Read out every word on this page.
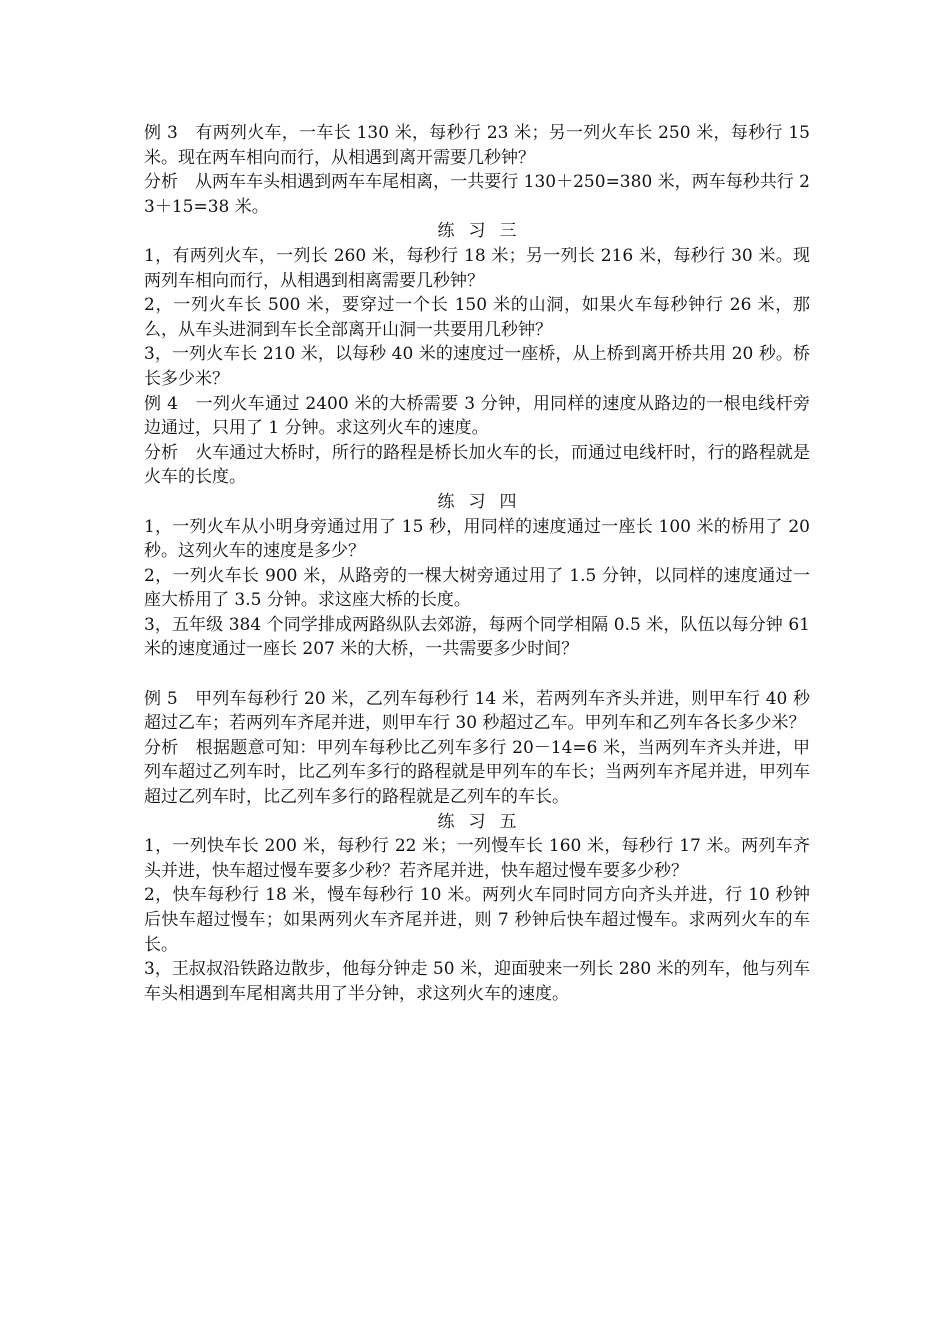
例 3　有两列火车，一车长 130 米，每秒行 23 米；另一列火车长 250 米，每秒行 15 米。现在两车相向而行，从相遇到离开需要几秒钟？

分析　从两车车头相遇到两车车尾相离，一共要行 130＋250=380 米，两车每秒共行 23＋15=38 米。

练习三

1，有两列火车，一列长 260 米，每秒行 18 米；另一列长 216 米，每秒行 30 米。现两列车相向而行，从相遇到相离需要几秒钟？

2，一列火车长 500 米，要穿过一个长 150 米的山洞，如果火车每秒钟行 26 米，那么，从车头进洞到车长全部离开山洞一共要用几秒钟？

3，一列火车长 210 米，以每秒 40 米的速度过一座桥，从上桥到离开桥共用 20 秒。桥长多少米？

例 4　一列火车通过 2400 米的大桥需要 3 分钟，用同样的速度从路边的一根电线杆旁边通过，只用了 1 分钟。求这列火车的速度。

分析　火车通过大桥时，所行的路程是桥长加火车的长，而通过电线杆时，行的路程就是火车的长度。

练习四

1，一列火车从小明身旁通过用了 15 秒，用同样的速度通过一座长 100 米的桥用了 20 秒。这列火车的速度是多少？

2，一列火车长 900 米，从路旁的一棵大树旁通过用了 1.5 分钟，以同样的速度通过一座大桥用了 3.5 分钟。求这座大桥的长度。

3，五年级 384 个同学排成两路纵队去郊游，每两个同学相隔 0.5 米，队伍以每分钟 61 米的速度通过一座长 207 米的大桥，一共需要多少时间？

例 5　甲列车每秒行 20 米，乙列车每秒行 14 米，若两列车齐头并进，则甲车行 40 秒超过乙车；若两列车齐尾并进，则甲车行 30 秒超过乙车。甲列车和乙列车各长多少米？

分析　根据题意可知：甲列车每秒比乙列车多行 20－14=6 米，当两列车齐头并进，甲列车超过乙列车时，比乙列车多行的路程就是甲列车的车长；当两列车齐尾并进，甲列车超过乙列车时，比乙列车多行的路程就是乙列车的车长。

练习五

1，一列快车长 200 米，每秒行 22 米；一列慢车长 160 米，每秒行 17 米。两列车齐头并进，快车超过慢车要多少秒？若齐尾并进，快车超过慢车要多少秒？

2，快车每秒行 18 米，慢车每秒行 10 米。两列火车同时同方向齐头并进，行 10 秒钟后快车超过慢车；如果两列火车齐尾并进，则 7 秒钟后快车超过慢车。求两列火车的车长。

3，王叔叔沿铁路边散步，他每分钟走 50 米，迎面驶来一列长 280 米的列车，他与列车车头相遇到车尾相离共用了半分钟，求这列火车的速度。
